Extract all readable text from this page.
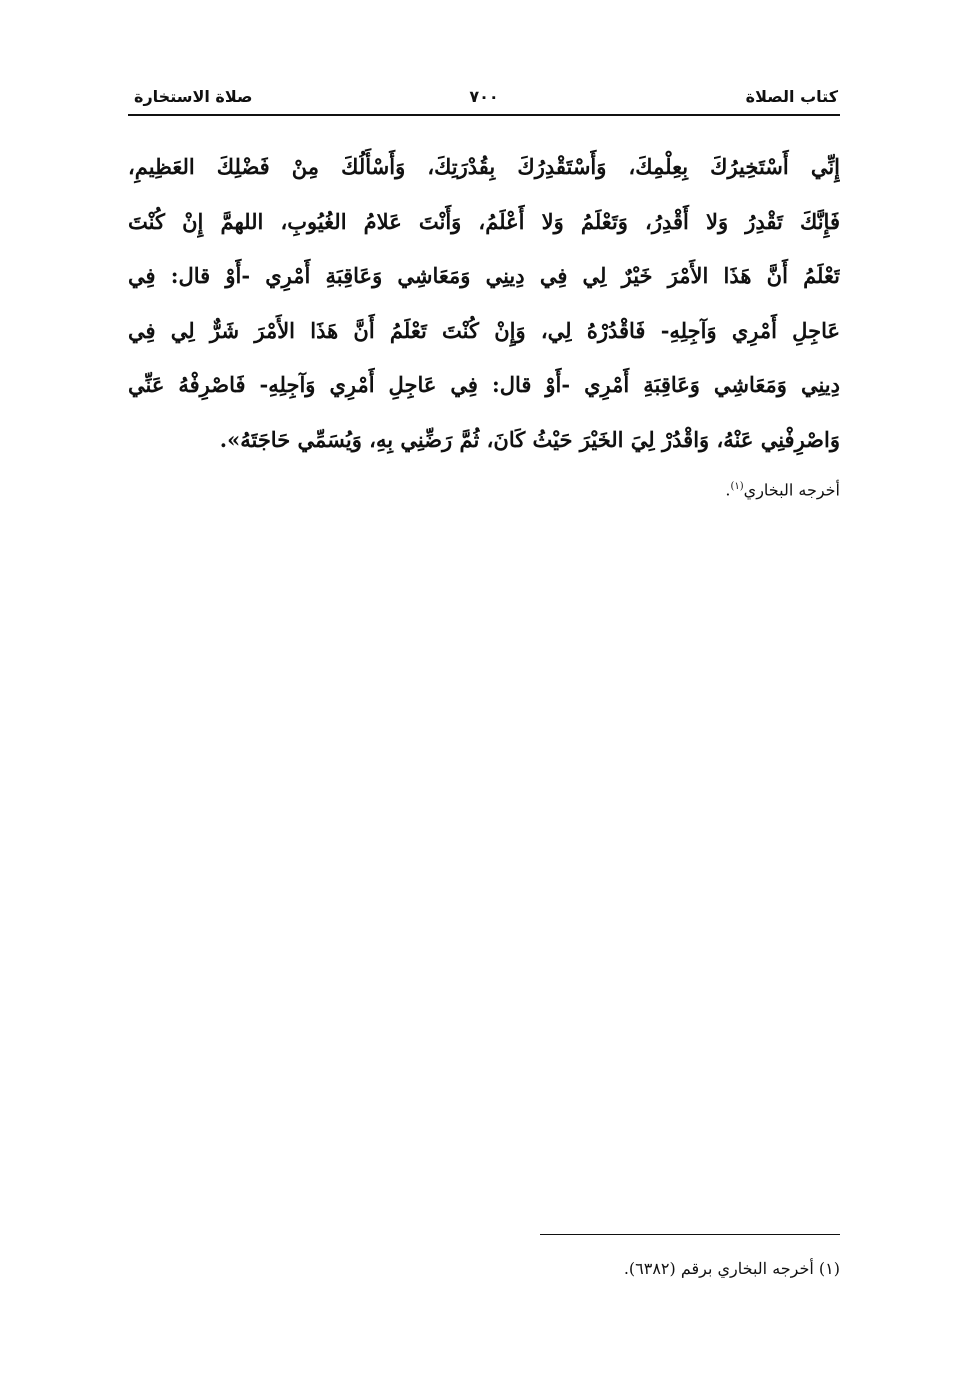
كتاب الصلاة
٧٠٠
صلاة الاستخارة
إِنِّي أَسْتَخِيرُكَ بِعِلْمِكَ، وَأَسْتَقْدِرُكَ بِقُدْرَتِكَ، وَأَسْأَلُكَ مِنْ فَضْلِكَ العَظِيمِ،
فَإِنَّكَ تَقْدِرُ وَلا أَقْدِرُ، وَتَعْلَمُ وَلا أَعْلَمُ، وَأَنْتَ عَلامُ الغُيُوبِ، اللهمَّ إِنْ كُنْتَ
تَعْلَمُ أَنَّ هَذَا الأَمْرَ خَيْرٌ لِي فِي دِينِي وَمَعَاشِي وَعَاقِبَةِ أَمْرِي -أَوْ قال: فِي
عَاجِلِ أَمْرِي وَآجِلِهِ- فَاقْدُرْهُ لِي، وَإِنْ كُنْتَ تَعْلَمُ أَنَّ هَذَا الأَمْرَ شَرٌّ لِي فِي
دِينِي وَمَعَاشِي وَعَاقِبَةِ أَمْرِي -أَوْ قال: فِي عَاجِلِ أَمْرِي وَآجِلِهِ- فَاصْرِفْهُ عَنِّي
وَاصْرِفْنِي عَنْهُ، وَاقْدُرْ لِيَ الخَيْرَ حَيْثُ كَانَ، ثُمَّ رَضِّنِي بِهِ، وَيُسَمِّي حَاجَتَهُ».
أخرجه البخاري$^{(١)}$.
(١) أخرجه البخاري برقم (٦٣٨٢).
